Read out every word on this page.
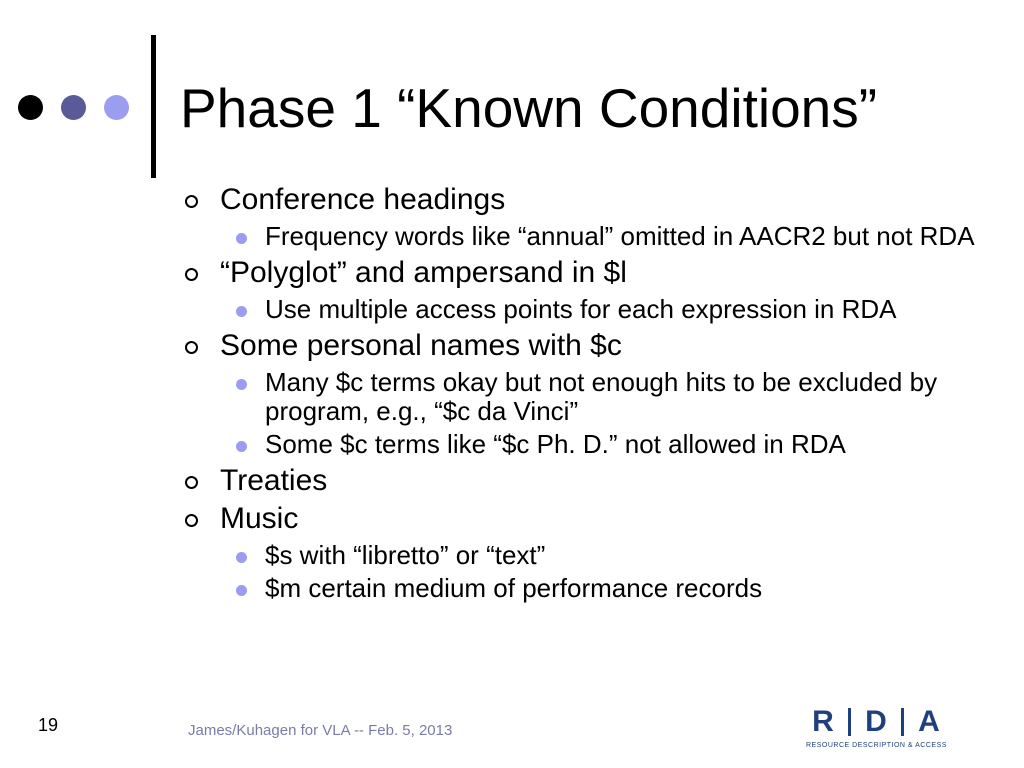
Phase 1 “Known Conditions”
Conference headings
Frequency words like “annual” omitted in AACR2 but not RDA
“Polyglot” and ampersand in $l
Use multiple access points for each expression in RDA
Some personal names with $c
Many $c terms okay but not enough hits to be excluded by program, e.g., “$c da Vinci”
Some $c terms like “$c Ph. D.” not allowed in RDA
Treaties
Music
$s with “libretto” or “text”
$m certain medium of performance records
19	James/Kuhagen for VLA -- Feb. 5, 2013	R D A
RESOURCE DESCRIPTION & ACCESS
